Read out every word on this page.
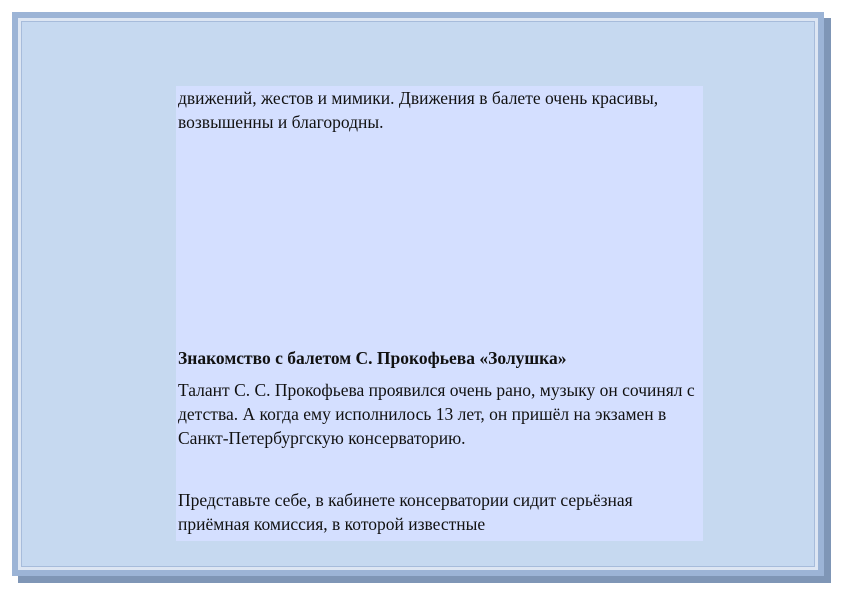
движений, жестов и мимики. Движения в балете очень красивы, возвышенны и благородны.

Знакомство с балетом С. Прокофьева «Золушка»

Талант С. С. Прокофьева проявился очень рано, музыку он сочинял с детства. А когда ему исполнилось 13 лет, он пришёл на экзамен в Санкт-Петербургскую консерваторию.

Представьте себе, в кабинете консерватории сидит серьёзная приёмная комиссия, в которой известные
